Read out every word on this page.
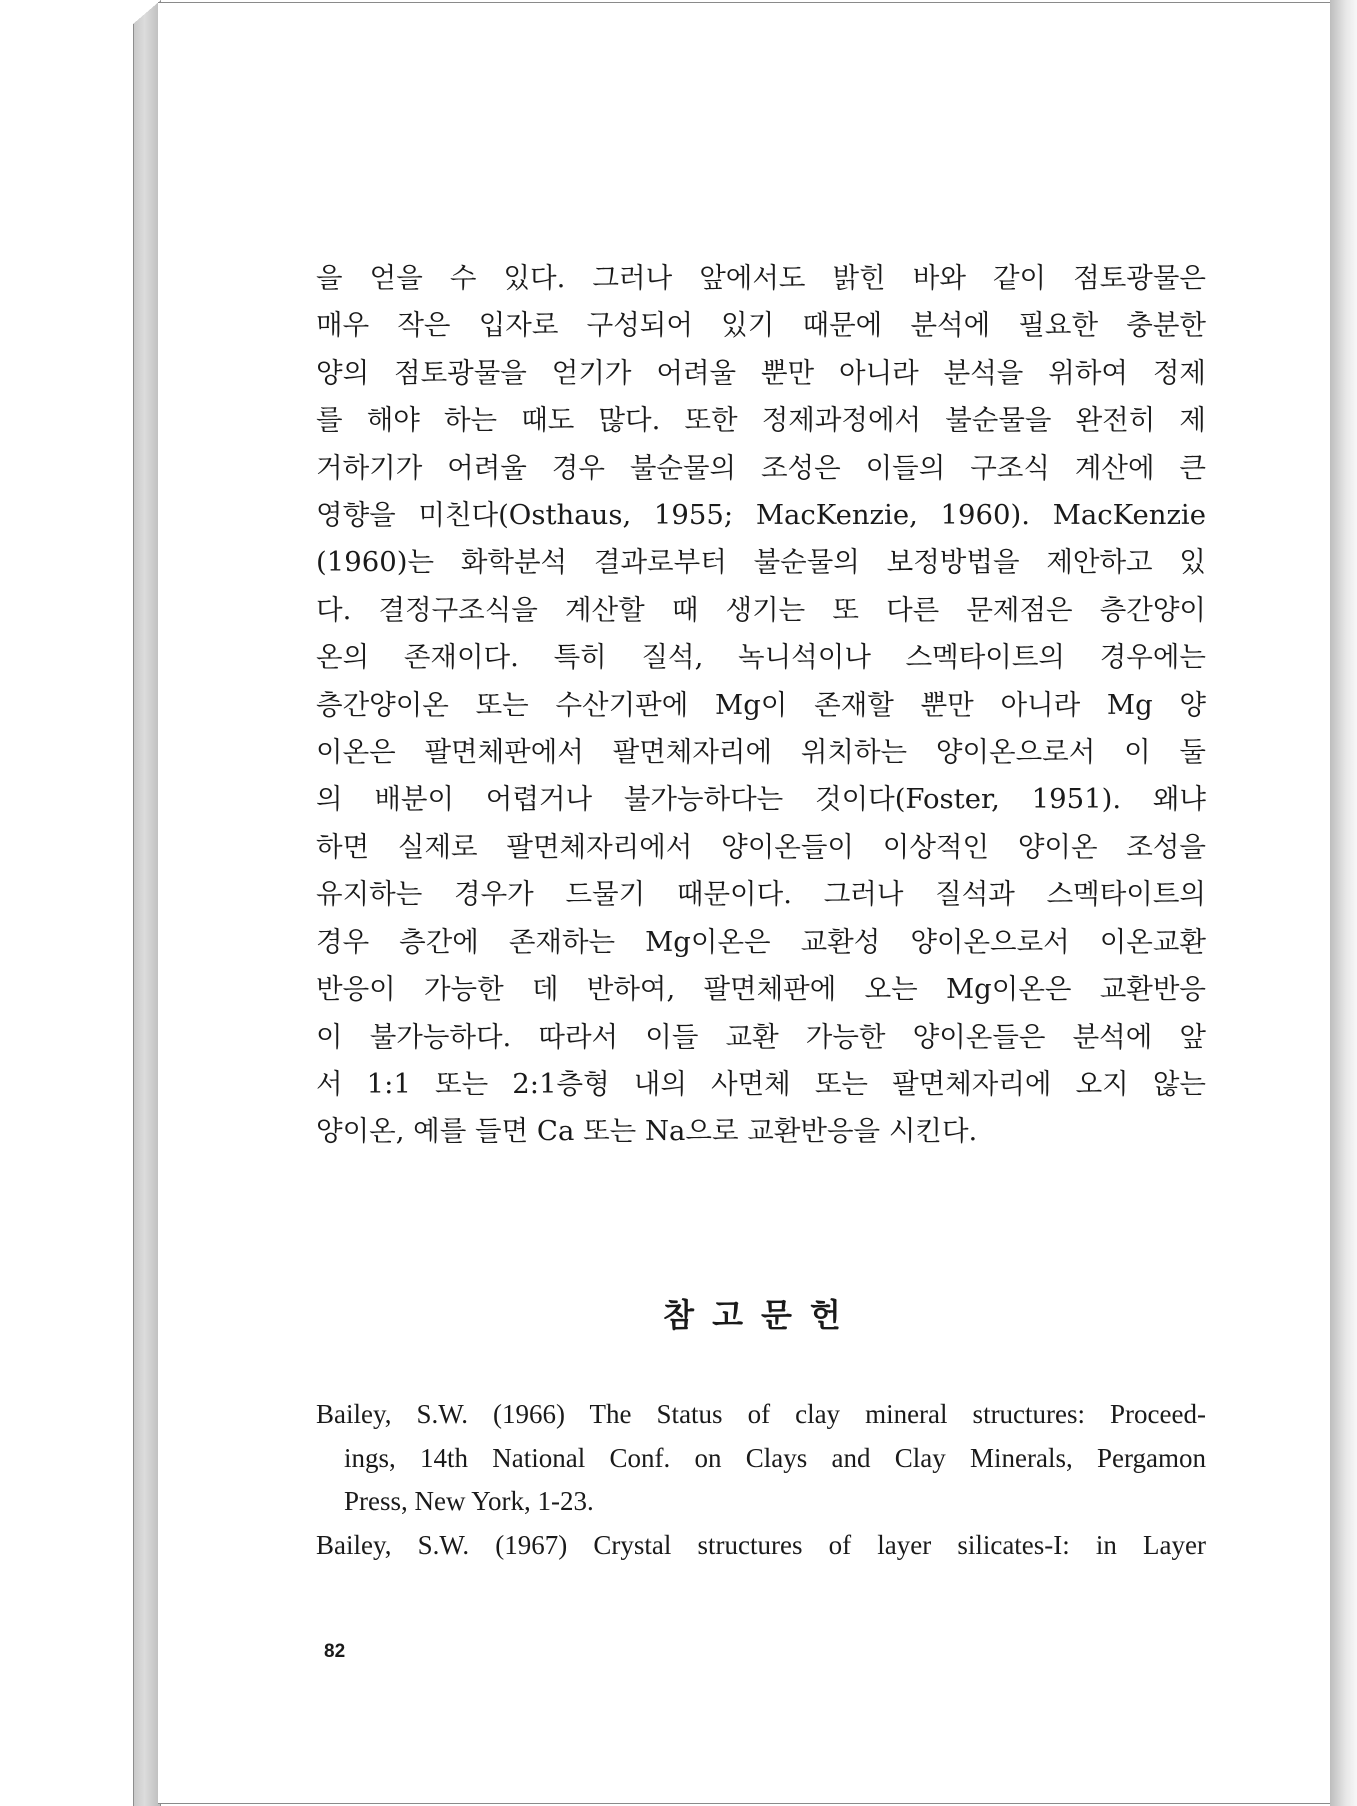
을 얻을 수 있다. 그러나 앞에서도 밝힌 바와 같이 점토광물은
매우 작은 입자로 구성되어 있기 때문에 분석에 필요한 충분한
양의 점토광물을 얻기가 어려울 뿐만 아니라 분석을 위하여 정제
를 해야 하는 때도 많다. 또한 정제과정에서 불순물을 완전히 제
거하기가 어려울 경우 불순물의 조성은 이들의 구조식 계산에 큰
영향을 미친다(Osthaus, 1955; MacKenzie, 1960). MacKenzie
(1960)는 화학분석 결과로부터 불순물의 보정방법을 제안하고 있
다. 결정구조식을 계산할 때 생기는 또 다른 문제점은 층간양이
온의 존재이다. 특히 질석, 녹니석이나 스멕타이트의 경우에는
층간양이온 또는 수산기판에 Mg이 존재할 뿐만 아니라 Mg 양
이온은 팔면체판에서 팔면체자리에 위치하는 양이온으로서 이 둘
의 배분이 어렵거나 불가능하다는 것이다(Foster, 1951). 왜냐
하면 실제로 팔면체자리에서 양이온들이 이상적인 양이온 조성을
유지하는 경우가 드물기 때문이다. 그러나 질석과 스멕타이트의
경우 층간에 존재하는 Mg이온은 교환성 양이온으로서 이온교환
반응이 가능한 데 반하여, 팔면체판에 오는 Mg이온은 교환반응
이 불가능하다. 따라서 이들 교환 가능한 양이온들은 분석에 앞
서 1:1 또는 2:1층형 내의 사면체 또는 팔면체자리에 오지 않는
양이온, 예를 들면 Ca 또는 Na으로 교환반응을 시킨다.
참고문헌

Bailey, S.W. (1966) The Status of clay mineral structures: Proceed-
ings, 14th National Conf. on Clays and Clay Minerals, Pergamon
Press, New York, 1-23.

Bailey, S.W. (1967) Crystal structures of layer silicates-I: in Layer

82
